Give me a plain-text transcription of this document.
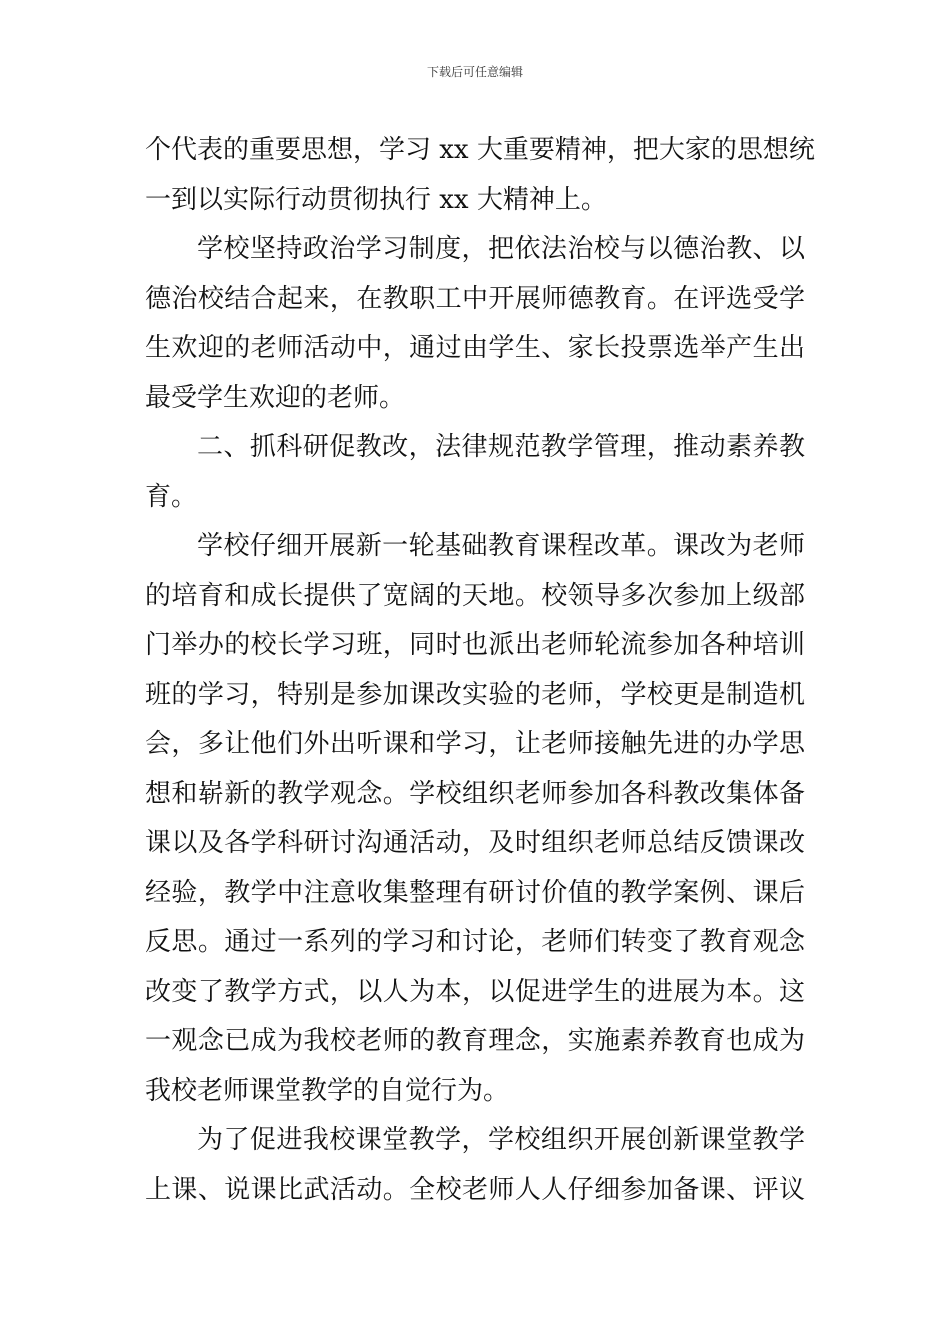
下载后可任意编辑
个代表的重要思想，学习 xx 大重要精神，把大家的思想统
一到以实际行动贯彻执行 xx 大精神上。
学校坚持政治学习制度，把依法治校与以德治教、以
德治校结合起来，在教职工中开展师德教育。在评选受学
生欢迎的老师活动中，通过由学生、家长投票选举产生出
最受学生欢迎的老师。
二、抓科研促教改，法律规范教学管理，推动素养教
育。
学校仔细开展新一轮基础教育课程改革。课改为老师
的培育和成长提供了宽阔的天地。校领导多次参加上级部
门举办的校长学习班，同时也派出老师轮流参加各种培训
班的学习，特别是参加课改实验的老师，学校更是制造机
会，多让他们外出听课和学习，让老师接触先进的办学思
想和崭新的教学观念。学校组织老师参加各科教改集体备
课以及各学科研讨沟通活动，及时组织老师总结反馈课改
经验，教学中注意收集整理有研讨价值的教学案例、课后
反思。通过一系列的学习和讨论，老师们转变了教育观念
改变了教学方式，以人为本，以促进学生的进展为本。这
一观念已成为我校老师的教育理念，实施素养教育也成为
我校老师课堂教学的自觉行为。
为了促进我校课堂教学，学校组织开展创新课堂教学
上课、说课比武活动。全校老师人人仔细参加备课、评议
